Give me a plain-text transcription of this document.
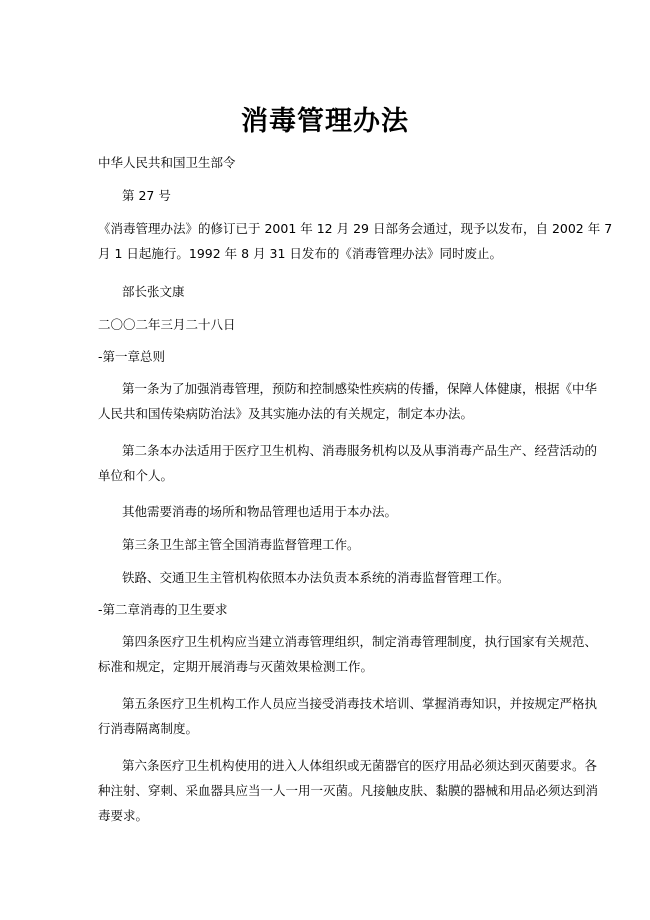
消毒管理办法

中华人民共和国卫生部令

第 27 号

《消毒管理办法》的修订已于 2001 年 12 月 29 日部务会通过，现予以发布，自 2002 年 7
月 1 日起施行。1992 年 8 月 31 日发布的《消毒管理办法》同时废止。

部长张文康

二〇〇二年三月二十八日

-第一章总则

第一条为了加强消毒管理，预防和控制感染性疾病的传播，保障人体健康，根据《中华
人民共和国传染病防治法》及其实施办法的有关规定，制定本办法。

第二条本办法适用于医疗卫生机构、消毒服务机构以及从事消毒产品生产、经营活动的
单位和个人。

其他需要消毒的场所和物品管理也适用于本办法。

第三条卫生部主管全国消毒监督管理工作。

铁路、交通卫生主管机构依照本办法负责本系统的消毒监督管理工作。

-第二章消毒的卫生要求

第四条医疗卫生机构应当建立消毒管理组织，制定消毒管理制度，执行国家有关规范、
标准和规定，定期开展消毒与灭菌效果检测工作。

第五条医疗卫生机构工作人员应当接受消毒技术培训、掌握消毒知识，并按规定严格执
行消毒隔离制度。

第六条医疗卫生机构使用的进入人体组织或无菌器官的医疗用品必须达到灭菌要求。各
种注射、穿刺、采血器具应当一人一用一灭菌。凡接触皮肤、黏膜的器械和用品必须达到消
毒要求。
